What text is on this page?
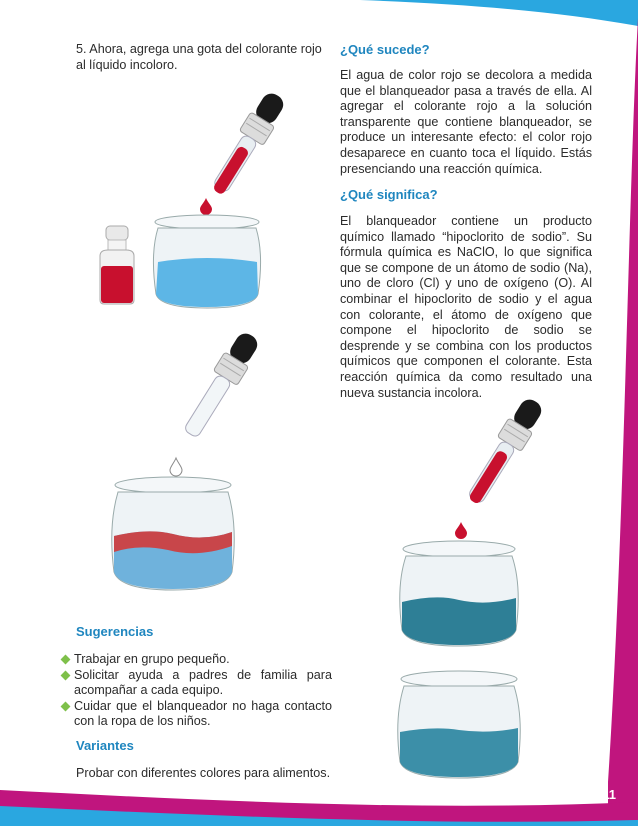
11
5. Ahora, agrega una gota del colorante rojo al líquido incoloro.
¿Qué sucede?
El agua de color rojo se decolora a medida que el blanqueador pasa a través de ella. Al agregar el colorante rojo a la solución transparente que contiene blanqueador, se produce un interesante efecto: el color rojo desaparece en cuanto toca el líquido. Estás presenciando una reacción química.
¿Qué significa?
El blanqueador contiene un producto químico llamado “hipoclorito de sodio”. Su fórmula química es NaClO, lo que significa que se compone de un átomo de sodio (Na), uno de cloro (Cl) y uno de oxígeno (O). Al combinar el hipoclorito de sodio y el agua con colorante, el átomo de oxígeno que compone el hipoclorito de sodio se desprende y se combina con los productos químicos que componen el colorante. Esta reacción química da como resultado una nueva sustancia incolora.
Sugerencias
Trabajar en grupo pequeño.
Solicitar ayuda a padres de familia para acompañar a cada equipo.
Cuidar que el blanqueador no haga contacto con la ropa de los niños.
Variantes
Probar con diferentes colores para alimentos.
